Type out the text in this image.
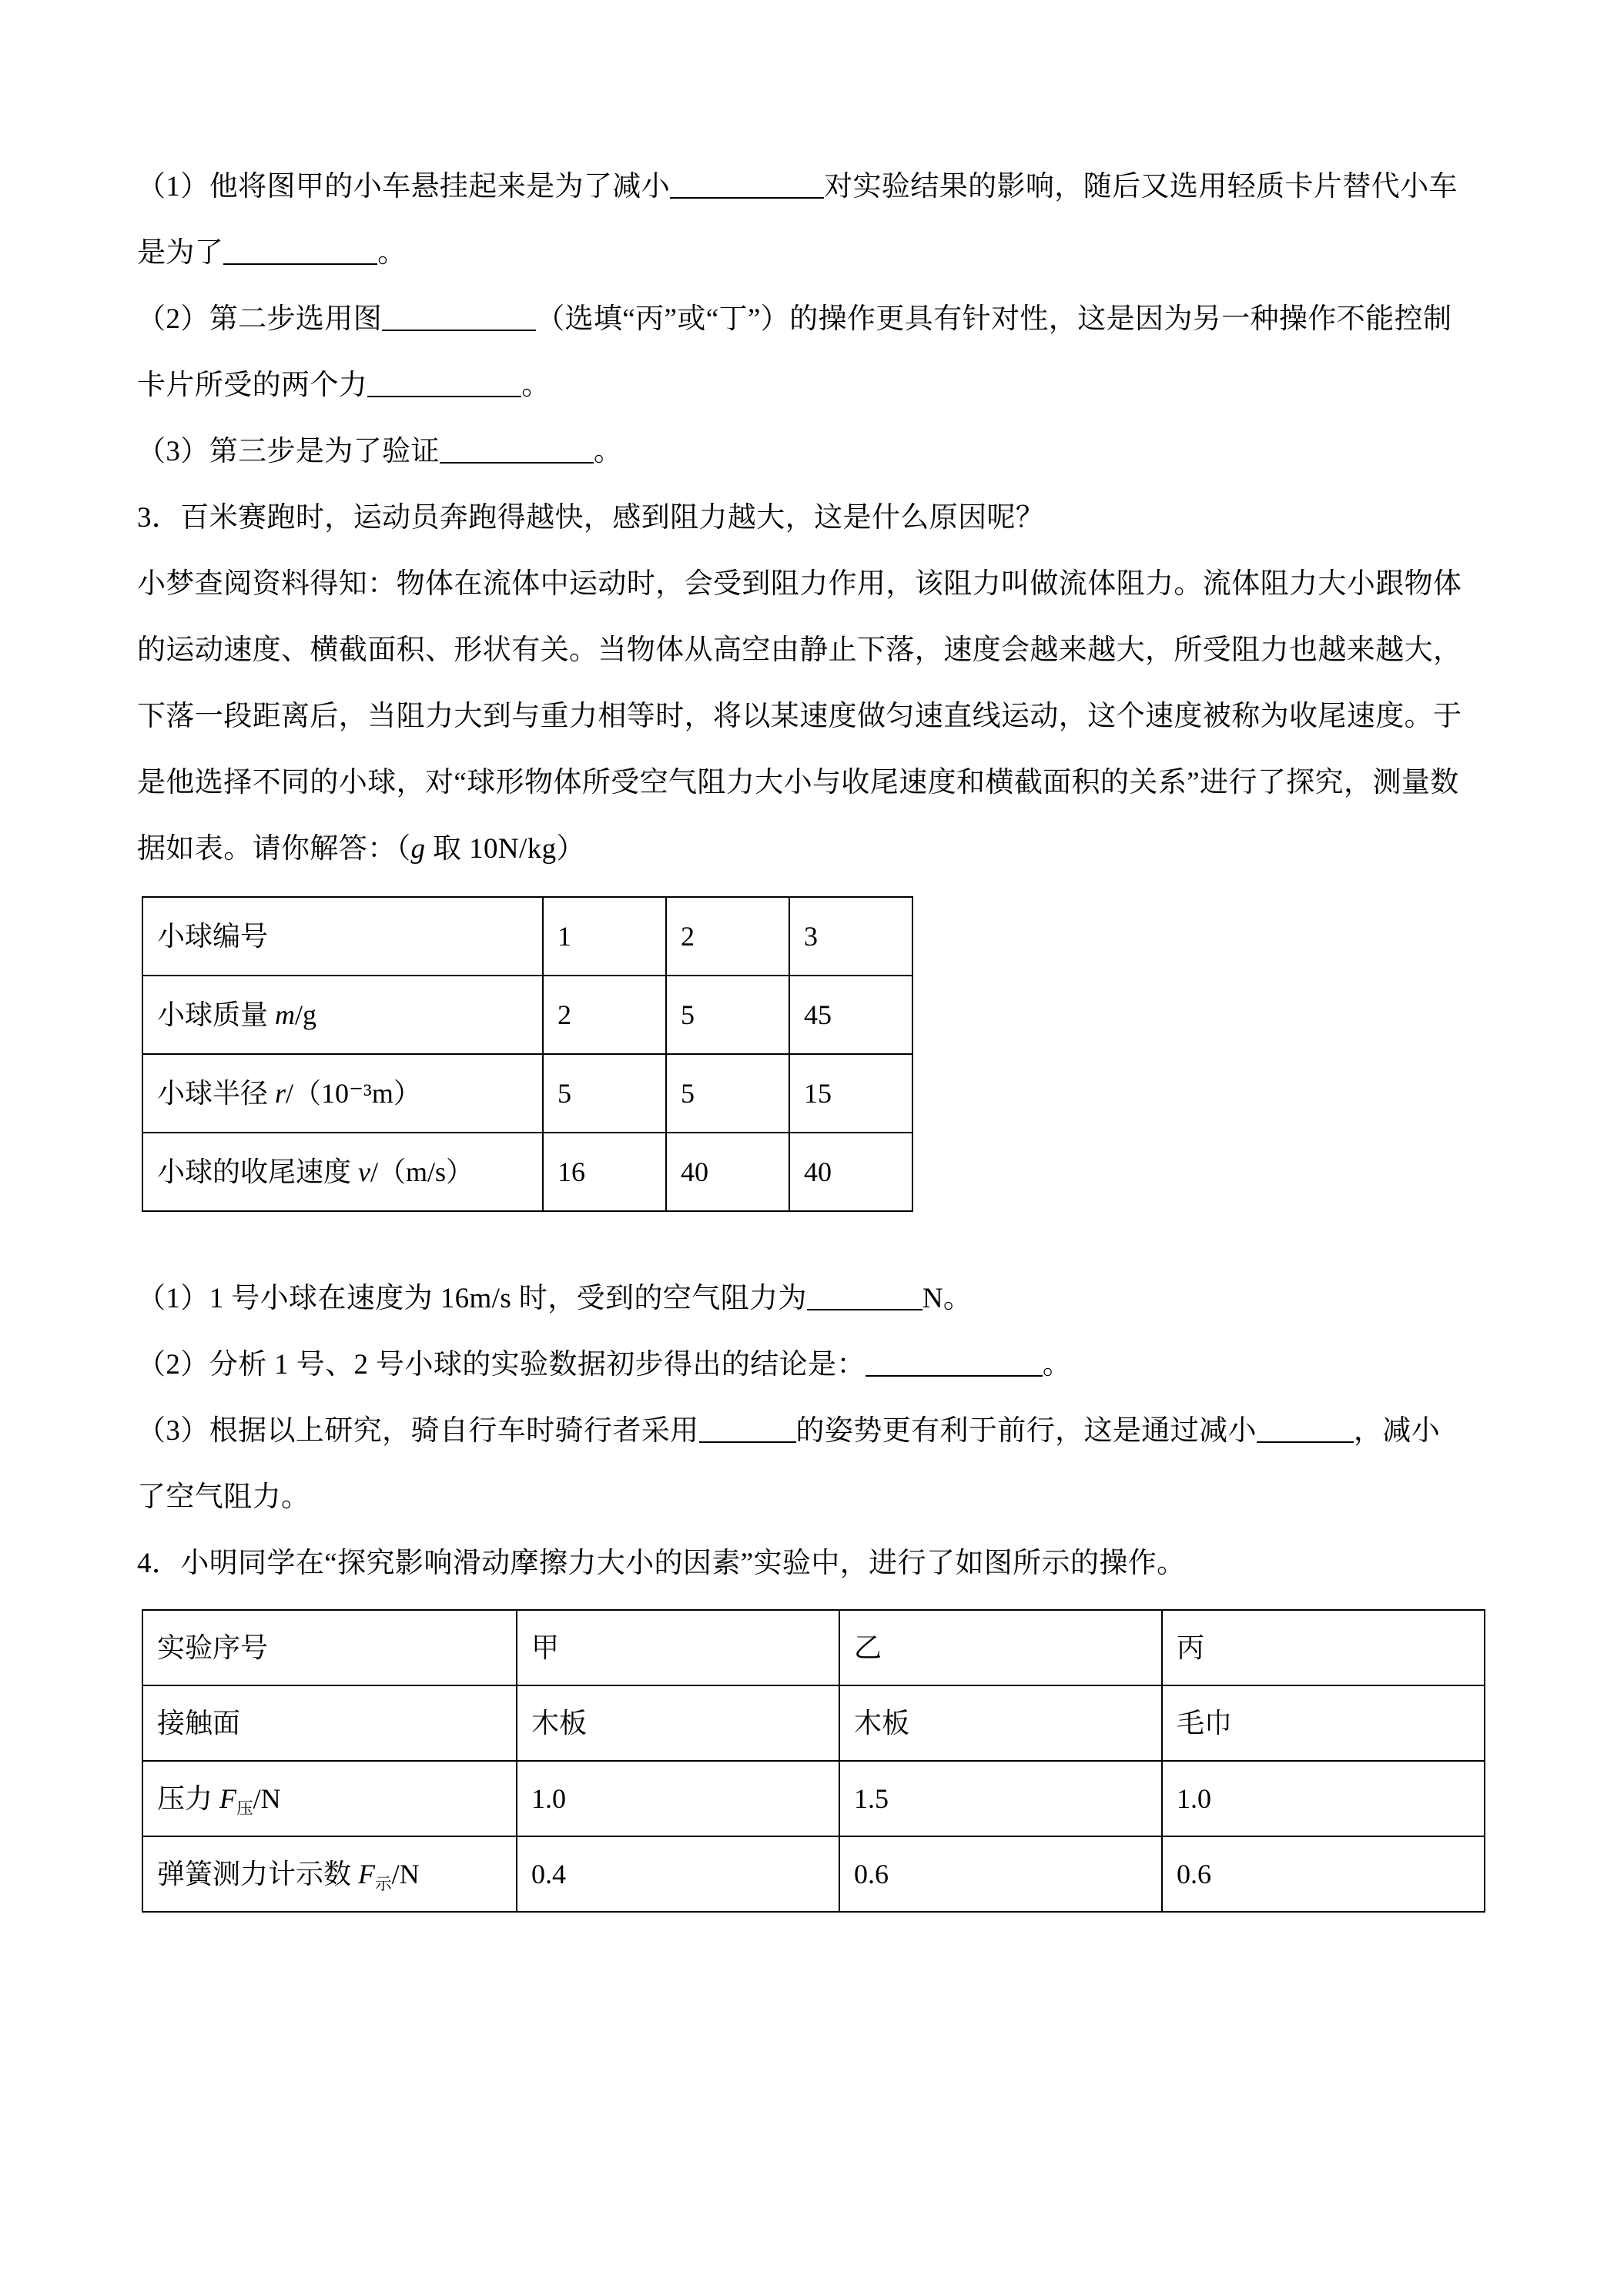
（1）他将图甲的小车悬挂起来是为了减小	对实验结果的影响，随后又选用轻质卡片替代小车

是为了	。

（2）第二步选用图	（选填“丙”或“丁”）的操作更具有针对性，这是因为另一种操作不能控制

卡片所受的两个力	。

（3）第三步是为了验证	。

3．百米赛跑时，运动员奔跑得越快，感到阻力越大，这是什么原因呢？

小梦查阅资料得知：物体在流体中运动时，会受到阻力作用，该阻力叫做流体阻力。流体阻力大小跟物体

的运动速度、横截面积、形状有关。当物体从高空由静止下落，速度会越来越大，所受阻力也越来越大，

下落一段距离后，当阻力大到与重力相等时，将以某速度做匀速直线运动，这个速度被称为收尾速度。于

是他选择不同的小球，对“球形物体所受空气阻力大小与收尾速度和横截面积的关系”进行了探究，测量数

据如表。请你解答：（g 取 10N/kg）

小球编号	1	2	3
小球质量 m/g	2	5	45
小球半径 r/（10⁻³m）	5	5	15
小球的收尾速度 v/（m/s）	16	40	40

（1）1 号小球在速度为 16m/s 时，受到的空气阻力为	N。

（2）分析 1 号、2 号小球的实验数据初步得出的结论是：	。

（3）根据以上研究，骑自行车时骑行者采用	的姿势更有利于前行，这是通过减小	，减小

了空气阻力。

4．小明同学在“探究影响滑动摩擦力大小的因素”实验中，进行了如图所示的操作。

实验序号	甲	乙	丙
接触面	木板	木板	毛巾
压力 $F_压/N$	1.0	1.5	1.0
弹簧测力计示数 $F_示/N$	0.4	0.6	0.6
